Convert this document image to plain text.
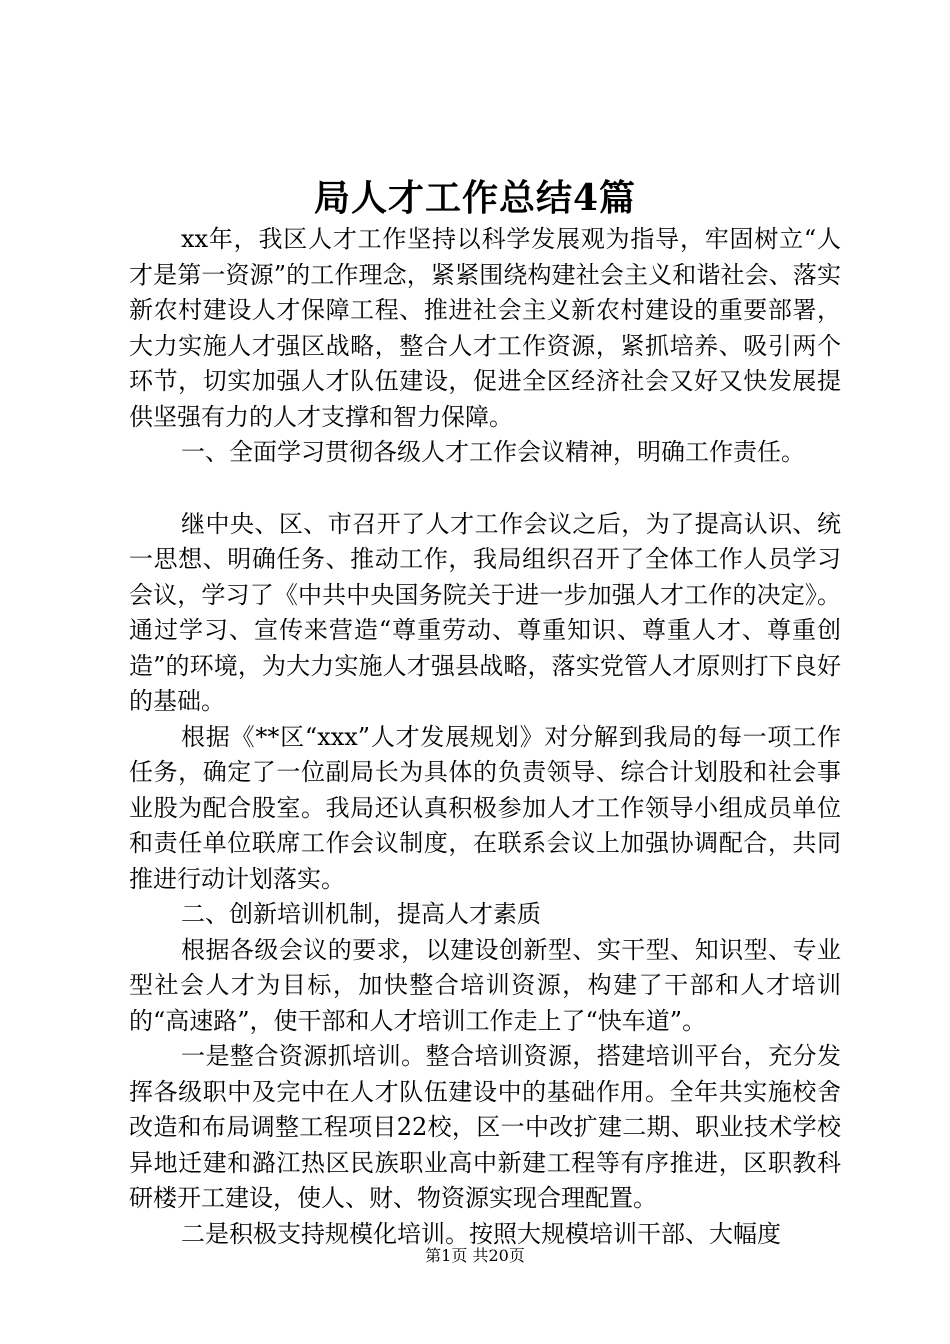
局人才工作总结4篇

xx年，我区人才工作坚持以科学发展观为指导，牢固树立“人才是第一资源”的工作理念，紧紧围绕构建社会主义和谐社会、落实新农村建设人才保障工程、推进社会主义新农村建设的重要部署，大力实施人才强区战略，整合人才工作资源，紧抓培养、吸引两个环节，切实加强人才队伍建设，促进全区经济社会又好又快发展提供坚强有力的人才支撑和智力保障。

一、全面学习贯彻各级人才工作会议精神，明确工作责任。

继中央、区、市召开了人才工作会议之后，为了提高认识、统一思想、明确任务、推动工作，我局组织召开了全体工作人员学习会议，学习了《中共中央国务院关于进一步加强人才工作的决定》。通过学习、宣传来营造“尊重劳动、尊重知识、尊重人才、尊重创造”的环境，为大力实施人才强县战略，落实党管人才原则打下良好的基础。

根据《**区“xxx”人才发展规划》对分解到我局的每一项工作任务，确定了一位副局长为具体的负责领导、综合计划股和社会事业股为配合股室。我局还认真积极参加人才工作领导小组成员单位和责任单位联席工作会议制度，在联系会议上加强协调配合，共同推进行动计划落实。

二、创新培训机制，提高人才素质

根据各级会议的要求，以建设创新型、实干型、知识型、专业型社会人才为目标，加快整合培训资源，构建了干部和人才培训的“高速路”，使干部和人才培训工作走上了“快车道”。

一是整合资源抓培训。整合培训资源，搭建培训平台，充分发挥各级职中及完中在人才队伍建设中的基础作用。全年共实施校舍改造和布局调整工程项目22校，区一中改扩建二期、职业技术学校异地迁建和潞江热区民族职业高中新建工程等有序推进，区职教科研楼开工建设，使人、财、物资源实现合理配置。

二是积极支持规模化培训。按照大规模培训干部、大幅度

第1页 共20页
